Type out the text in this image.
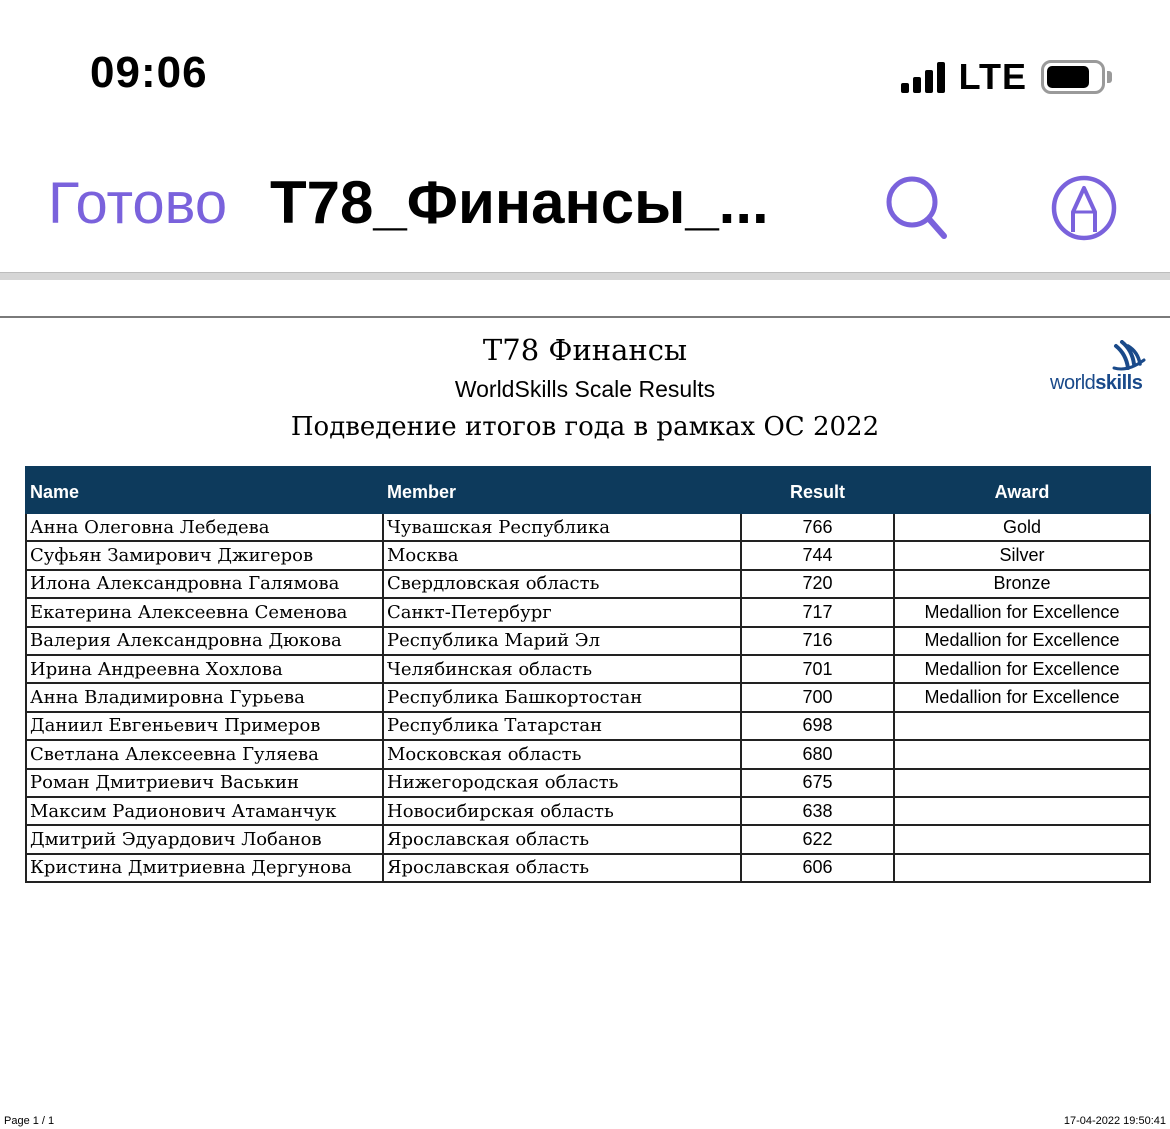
09:06	LTE
Готово T78_Финансы_...
T78 Финансы
WorldSkills Scale Results
Подведение итогов года в рамках ОС 2022
worldskills
Name	Member	Result	Award
Анна Олеговна Лебедева	Чувашская Республика	766	Gold
Суфьян Замирович Джигеров	Москва	744	Silver
Илона Александровна Галямова	Свердловская область	720	Bronze
Екатерина Алексеевна Семенова	Санкт-Петербург	717	Medallion for Excellence
Валерия Александровна Дюкова	Республика Марий Эл	716	Medallion for Excellence
Ирина Андреевна Хохлова	Челябинская область	701	Medallion for Excellence
Анна Владимировна Гурьева	Республика Башкортостан	700	Medallion for Excellence
Даниил Евгеньевич Примеров	Республика Татарстан	698	
Светлана Алексеевна Гуляева	Московская область	680	
Роман Дмитриевич Васькин	Нижегородская область	675	
Максим Радионович Атаманчук	Новосибирская область	638	
Дмитрий Эдуардович Лобанов	Ярославская область	622	
Кристина Дмитриевна Дергунова	Ярославская область	606	
Page 1 / 1	17-04-2022 19:50:41
